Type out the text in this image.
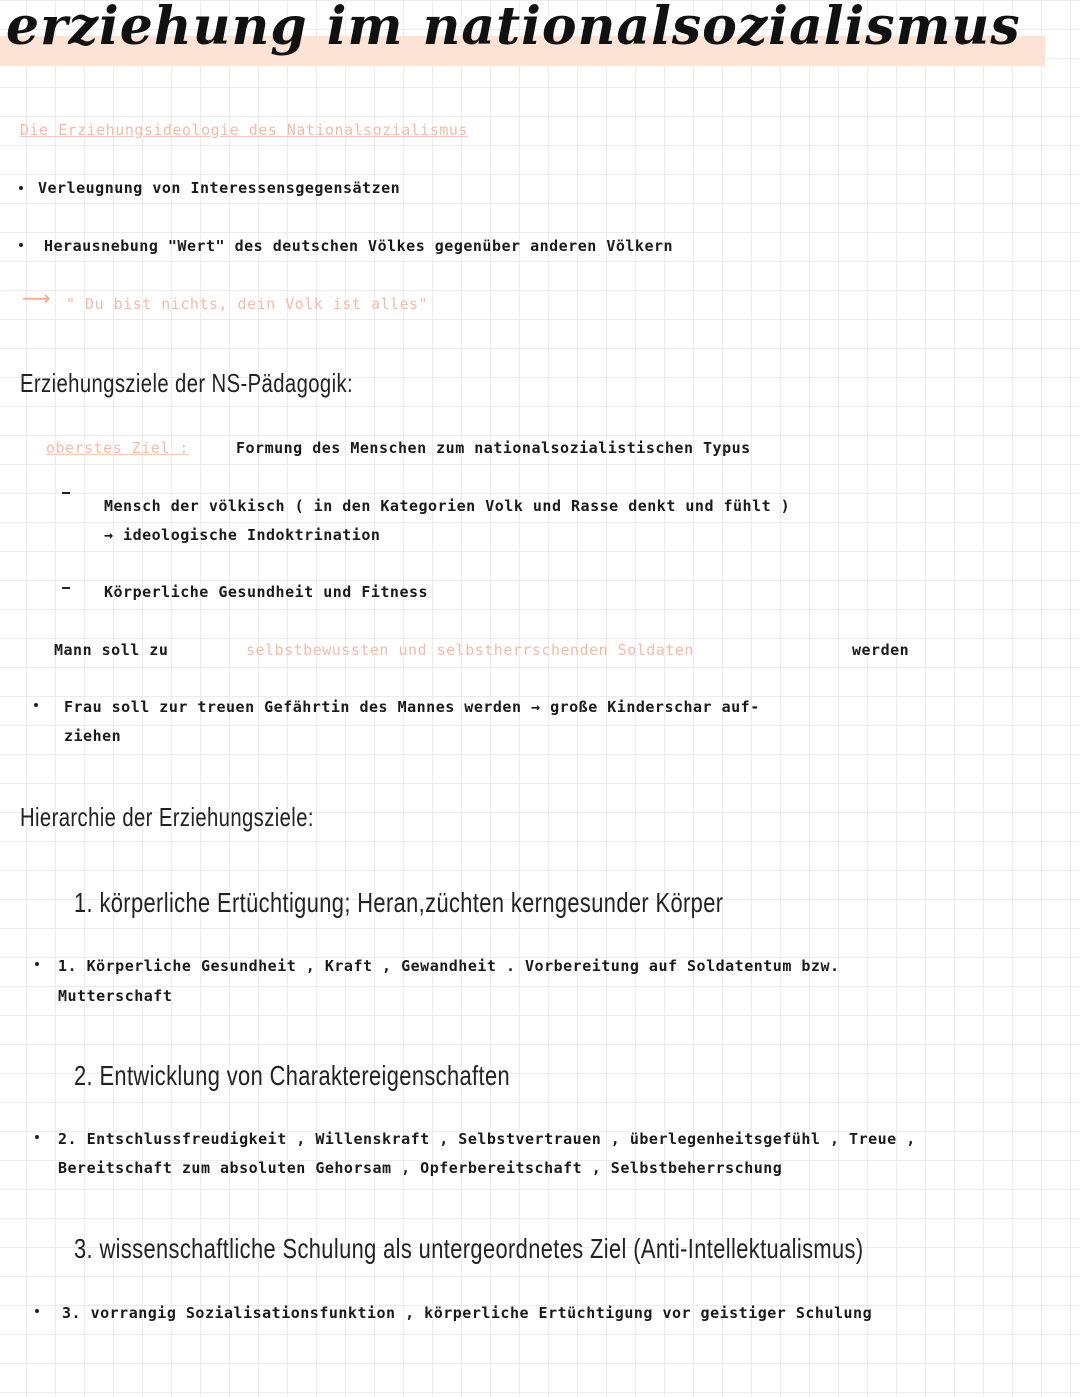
erziehung im nationalsozialismus
Die Erziehungsideologie des Nationalsozialismus
Verleugnung von Interessensgegensätzen
Herausnebung "Wert" des deutschen Völkes gegenüber anderen Völkern
⟶ " Du bist nichts, dein Volk ist alles"
Erziehungsziele der NS-Pädagogik:
oberstes Ziel :	Formung des Menschen zum nationalsozialistischen Typus
Mensch der völkisch ( in den Kategorien Volk und Rasse denkt und fühlt )
→ ideologische Indoktrination
Körperliche Gesundheit und Fitness
Mann soll zu	selbstbewussten und selbstherrschenden Soldaten	werden
Frau soll zur treuen Gefährtin des Mannes werden → große Kinderschar auf-
ziehen
Hierarchie der Erziehungsziele:
1. körperliche Ertüchtigung; Heran,züchten kerngesunder Körper
1. Körperliche Gesundheit , Kraft , Gewandheit . Vorbereitung auf Soldatentum bzw.
Mutterschaft
2. Entwicklung von Charaktereigenschaften
2. Entschlussfreudigkeit , Willenskraft , Selbstvertrauen , überlegenheitsgefühl , Treue ,
Bereitschaft zum absoluten Gehorsam , Opferbereitschaft , Selbstbeherrschung
3. wissenschaftliche Schulung als untergeordnetes Ziel (Anti-Intellektualismus)
3. vorrangig Sozialisationsfunktion , körperliche Ertüchtigung vor geistiger Schulung
